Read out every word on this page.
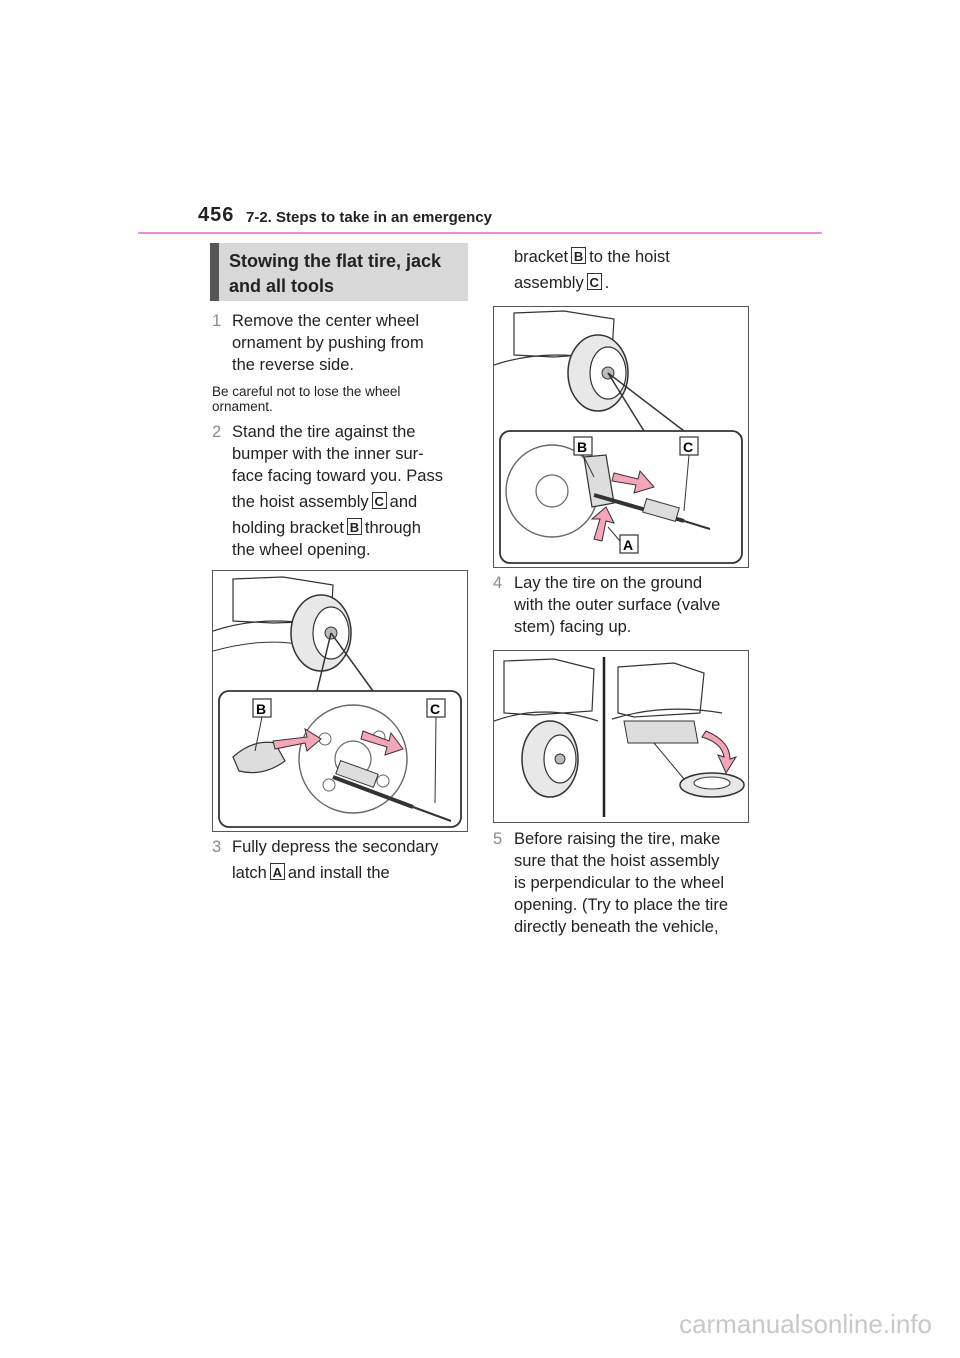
456 7-2. Steps to take in an emergency
Stowing the flat tire, jack
and all tools
1 Remove the center wheel
ornament by pushing from
the reverse side.
Be careful not to lose the wheel
ornament.
2 Stand the tire against the
bumper with the inner sur-
face facing toward you. Pass
the hoist assembly C and
holding bracket B through
the wheel opening.
B	C
3 Fully depress the secondary
latch A and install the
bracket B to the hoist
assembly C .
B	C
A
4 Lay the tire on the ground
with the outer surface (valve
stem) facing up.
5 Before raising the tire, make
sure that the hoist assembly
is perpendicular to the wheel
opening. (Try to place the tire
directly beneath the vehicle,
carmanualsonline.info
